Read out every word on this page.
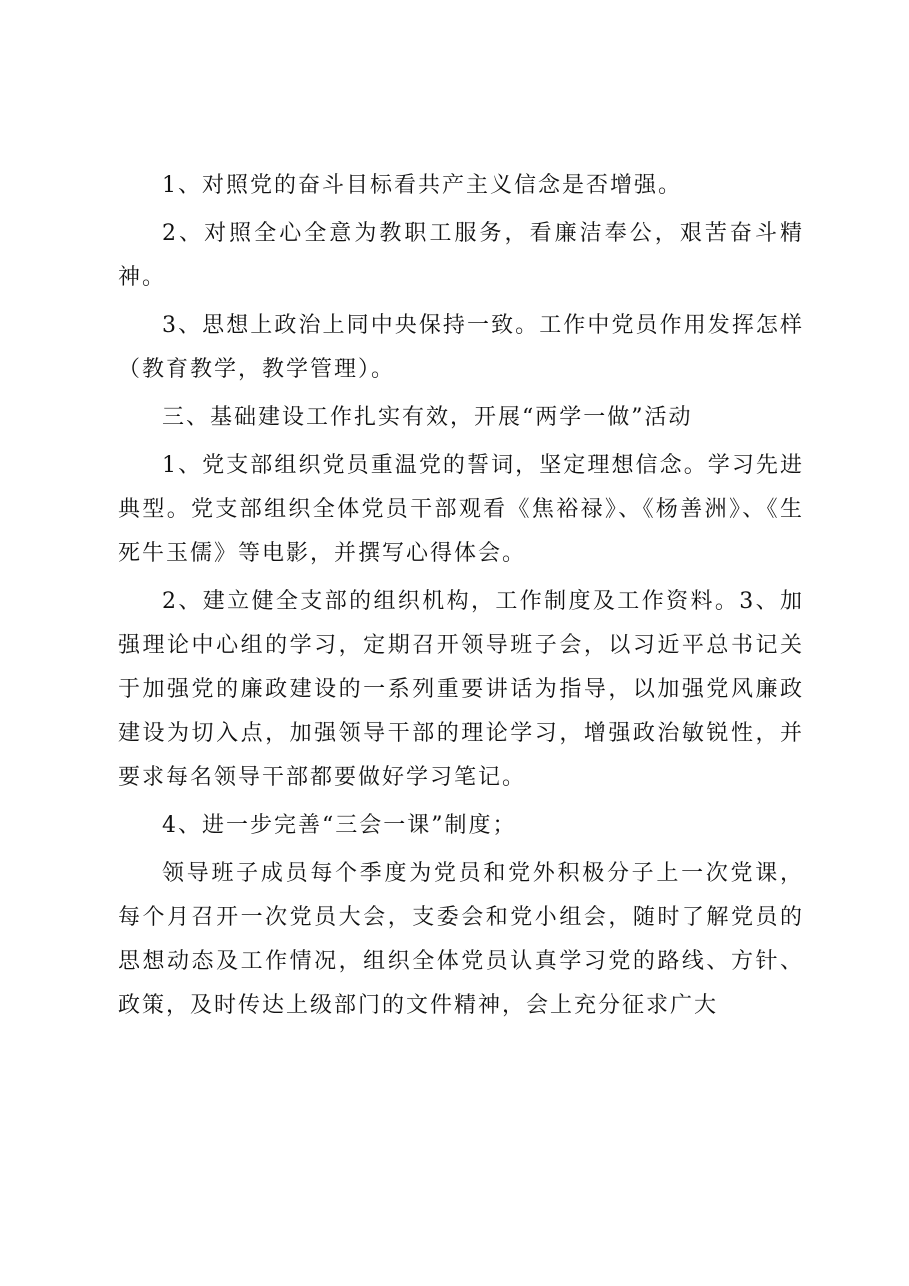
1、对照党的奋斗目标看共产主义信念是否增强。

2、对照全心全意为教职工服务，看廉洁奉公，艰苦奋斗精神。

3、思想上政治上同中央保持一致。工作中党员作用发挥怎样（教育教学，教学管理）。

三、基础建设工作扎实有效，开展“两学一做”活动

1、党支部组织党员重温党的誓词，坚定理想信念。学习先进典型。党支部组织全体党员干部观看《焦裕禄》、《杨善洲》、《生死牛玉儒》等电影，并撰写心得体会。

2、建立健全支部的组织机构，工作制度及工作资料。3、加强理论中心组的学习，定期召开领导班子会，以习近平总书记关于加强党的廉政建设的一系列重要讲话为指导，以加强党风廉政建设为切入点，加强领导干部的理论学习，增强政治敏锐性，并要求每名领导干部都要做好学习笔记。

4、进一步完善“三会一课”制度；

领导班子成员每个季度为党员和党外积极分子上一次党课，每个月召开一次党员大会，支委会和党小组会，随时了解党员的思想动态及工作情况，组织全体党员认真学习党的路线、方针、政策，及时传达上级部门的文件精神，会上充分征求广大
